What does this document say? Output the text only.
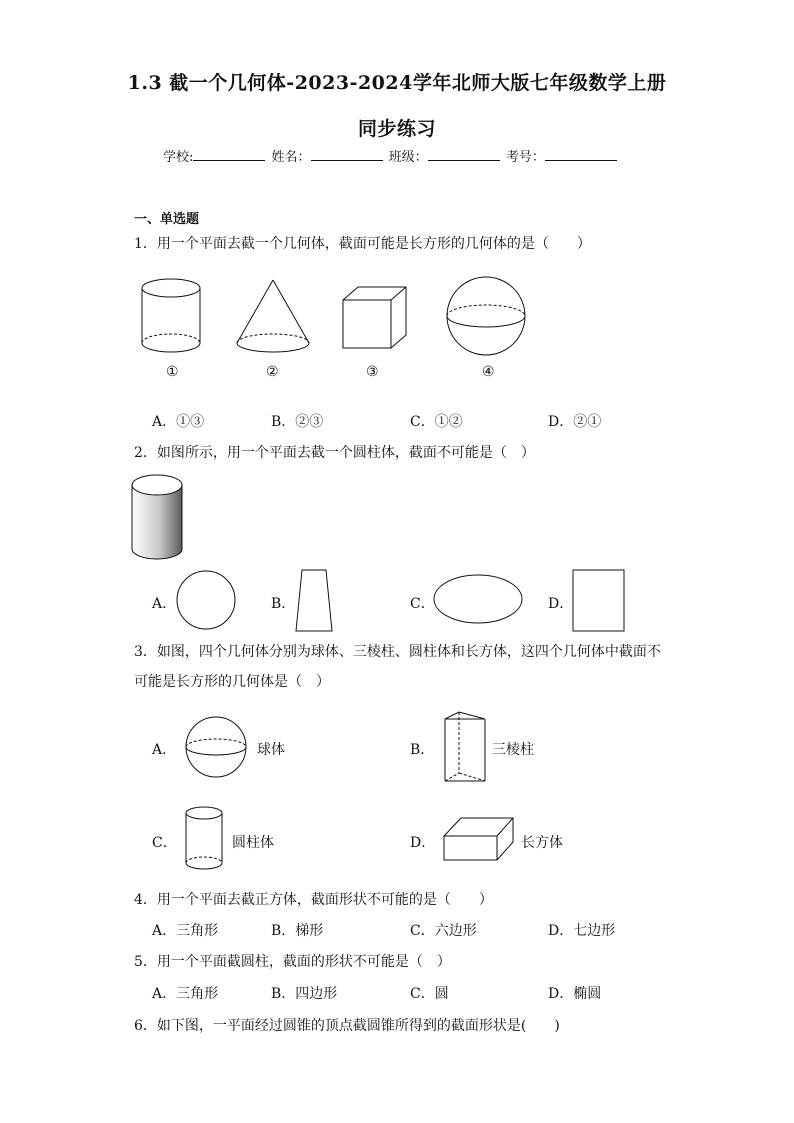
1.3 截一个几何体-2023-2024学年北师大版七年级数学上册
同步练习
学校:	姓名：	班级：	考号：
一、单选题
1．用一个平面去截一个几何体，截面可能是长方形的几何体的是（　　）
①	②	③	④
A．①③	B．②③	C．①②	D．②①
2．如图所示，用一个平面去截一个圆柱体，截面不可能是（　）
A．	B．	C．	D．
3．如图，四个几何体分别为球体、三棱柱、圆柱体和长方体，这四个几何体中截面不
可能是长方形的几何体是（　）
A．	球体	B．	三棱柱
C．	圆柱体	D．	长方体
4．用一个平面去截正方体，截面形状不可能的是（　　）
A．三角形	B．梯形	C．六边形	D．七边形
5．用一个平面截圆柱，截面的形状不可能是（　）
A．三角形	B．四边形	C．圆	D．椭圆
6．如下图，一平面经过圆锥的顶点截圆锥所得到的截面形状是(　　)
